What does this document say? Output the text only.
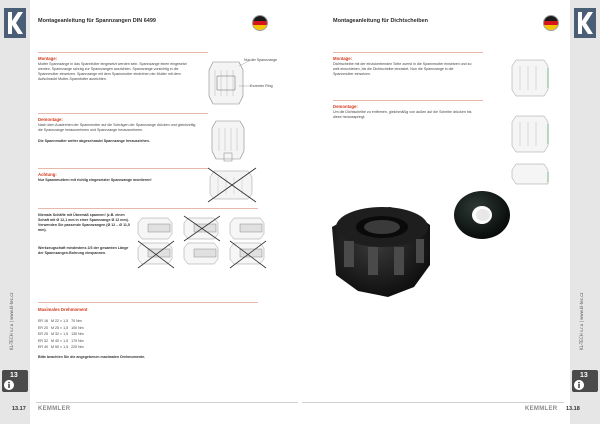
KL-TECH s.r.o | www.kl-tec.cz
13
Montageanleitung für Spannzangen DIN 6499
Montage:
Mutter Spannzange in das Spannfutter eingesetzt werden sein. Spannzange einen eingesetzt werden. Spannzange schräg zur Spannzangen ausrichten. Spannzange vorsichtig in die Spannmutter einsetzen. Spannzange mit dem Spannmutter eindrehen der Mutter mit dem Aufschraubt Mutter-Spannfutter ausrichten.
Nut der Spannzange
Exzenter Ring
Demontage:
Nach dem Ausdrehen der Spannmutter auf die Schrägen der Spannzange drücken und gleichzeitig die Spannzange herausnehmen und Spannzange herausnehmen.
Die Spannmutter weiter abgeschraubt Spannzange herausziehen.
Achtung:
Nur Spannmuttern mit richtig eingesetzter Spannzange montieren!
Niemals Schäfte mit Übermaß spannen! (z.B. einen Schaft mit Ø 12,1 mm in einer Spannzange Ø 12 mm). Verwenden Sie passende Spannzangen (Ø 12 – Ø 11,5 mm).
Werkzeugschaft mindestens 2/3 der gesamten Länge der Spannzangen-Bohrung einspannen.
Maximales Drehmoment
ER 16	M 22 × 1,5	70 Nm
ER 20	M 25 × 1,5	100 Nm
ER 25	M 32 × 1,5	130 Nm
ER 32	M 40 × 1,5	170 Nm
ER 40	M 50 × 1,5	220 Nm
Bitte beachten Sie die angegebenen maximalen Drehmomente.
13.17 KEMMLER
KL-TECH s.r.o | www.kl-tec.cz
13
Montageanleitung für Dichtscheiben
Montage:
Dichtscheibe mit der einzukerbenden Seite zuerst in die Spannmutter einsetzen und so weit einschieben, bis die Dichtscheibe einrastet. Nun die Spannzange in die Spannmutter einsetzen.
Demontage:
Um die Dichtscheibe zu entfernen, gleichmäßig von außen auf die Scheibe drücken bis diese herausspringt.
KEMMLER 13.18
